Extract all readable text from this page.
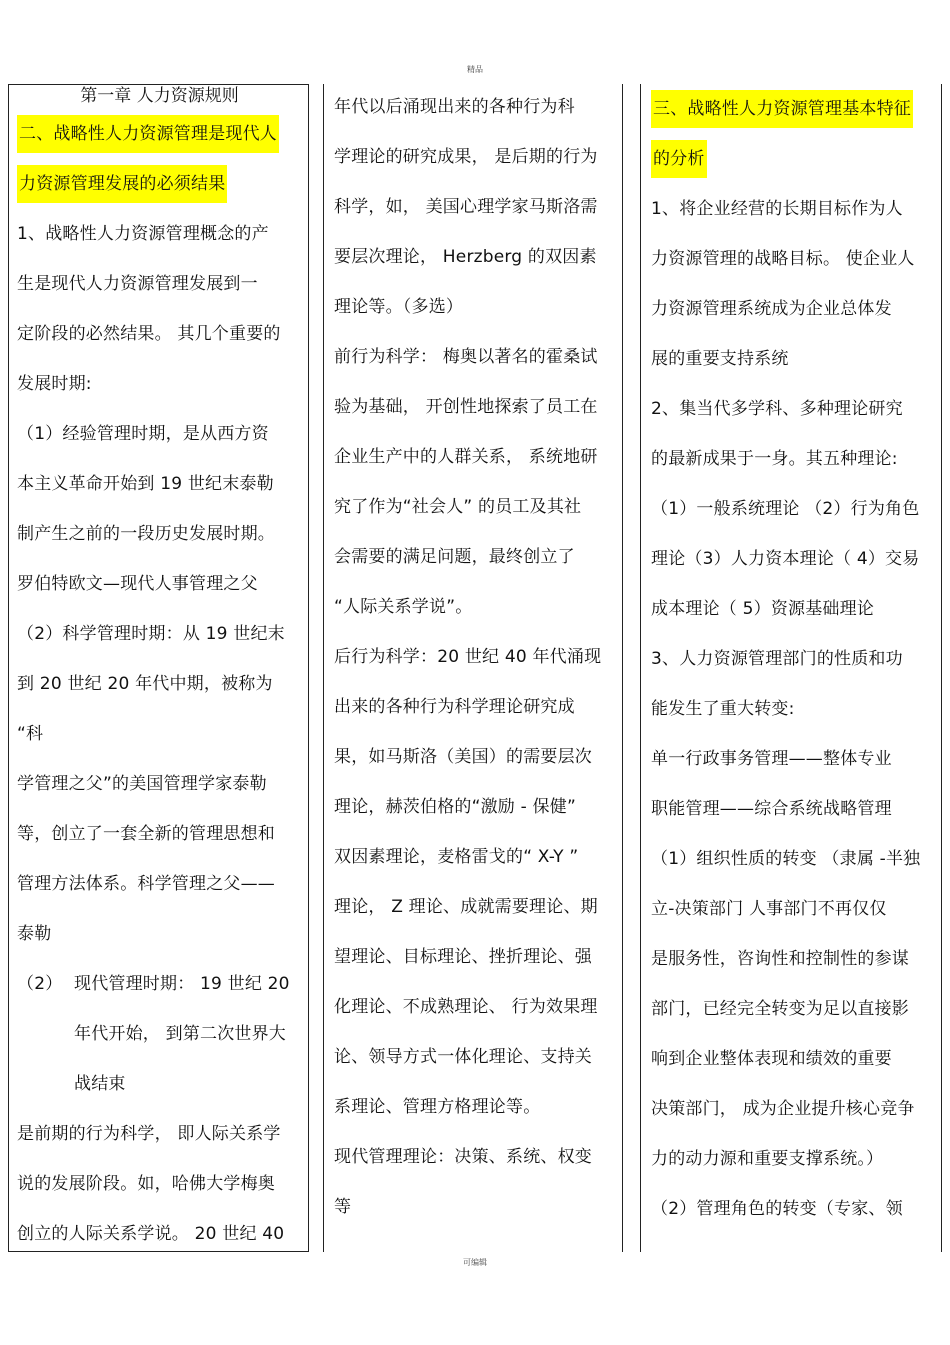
精品
第一章 人力资源规则
二、战略性人力资源管理是现代人
力资源管理发展的必须结果
1、战略性人力资源管理概念的产
生是现代人力资源管理发展到一
定阶段的必然结果。 其几个重要的
发展时期:
（1）经验管理时期，是从西方资
本主义革命开始到 19 世纪末泰勒
制产生之前的一段历史发展时期。
罗伯特欧文—现代人事管理之父
（2）科学管理时期：从 19 世纪末
到 20 世纪 20 年代中期，被称为
“科
学管理之父”的美国管理学家泰勒
等，创立了一套全新的管理思想和
管理方法体系。科学管理之父——
泰勒
（2） 现代管理时期： 19 世纪 20
年代开始， 到第二次世界大
战结束
是前期的行为科学， 即人际关系学
说的发展阶段。如，哈佛大学梅奥
创立的人际关系学说。 20 世纪 40
年代以后涌现出来的各种行为科
学理论的研究成果， 是后期的行为
科学，如， 美国心理学家马斯洛需
要层次理论， Herzberg 的双因素
理论等。（多选）
前行为科学： 梅奥以著名的霍桑试
验为基础， 开创性地探索了员工在
企业生产中的人群关系， 系统地研
究了作为“社会人” 的员工及其社
会需要的满足问题，最终创立了
“人际关系学说”。
后行为科学：20 世纪 40 年代涌现
出来的各种行为科学理论研究成
果，如马斯洛（美国）的需要层次
理论，赫茨伯格的“激励 - 保健”
双因素理论，麦格雷戈的“ X-Y ”
理论， Z 理论、成就需要理论、期
望理论、目标理论、挫折理论、强
化理论、不成熟理论、 行为效果理
论、领导方式一体化理论、支持关
系理论、管理方格理论等。
现代管理理论：决策、系统、权变
等
三、战略性人力资源管理基本特征
的分析
1、将企业经营的长期目标作为人
力资源管理的战略目标。 使企业人
力资源管理系统成为企业总体发
展的重要支持系统
2、集当代多学科、多种理论研究
的最新成果于一身。其五种理论:
（1）一般系统理论 （2）行为角色
理论（3）人力资本理论（ 4）交易
成本理论（ 5）资源基础理论
3、人力资源管理部门的性质和功
能发生了重大转变:
单一行政事务管理——整体专业
职能管理——综合系统战略管理
（1）组织性质的转变 （隶属 -半独
立-决策部门 人事部门不再仅仅
是服务性，咨询性和控制性的参谋
部门，已经完全转变为足以直接影
响到企业整体表现和绩效的重要
决策部门， 成为企业提升核心竞争
力的动力源和重要支撑系统。）
（2）管理角色的转变（专家、领
可编辑
